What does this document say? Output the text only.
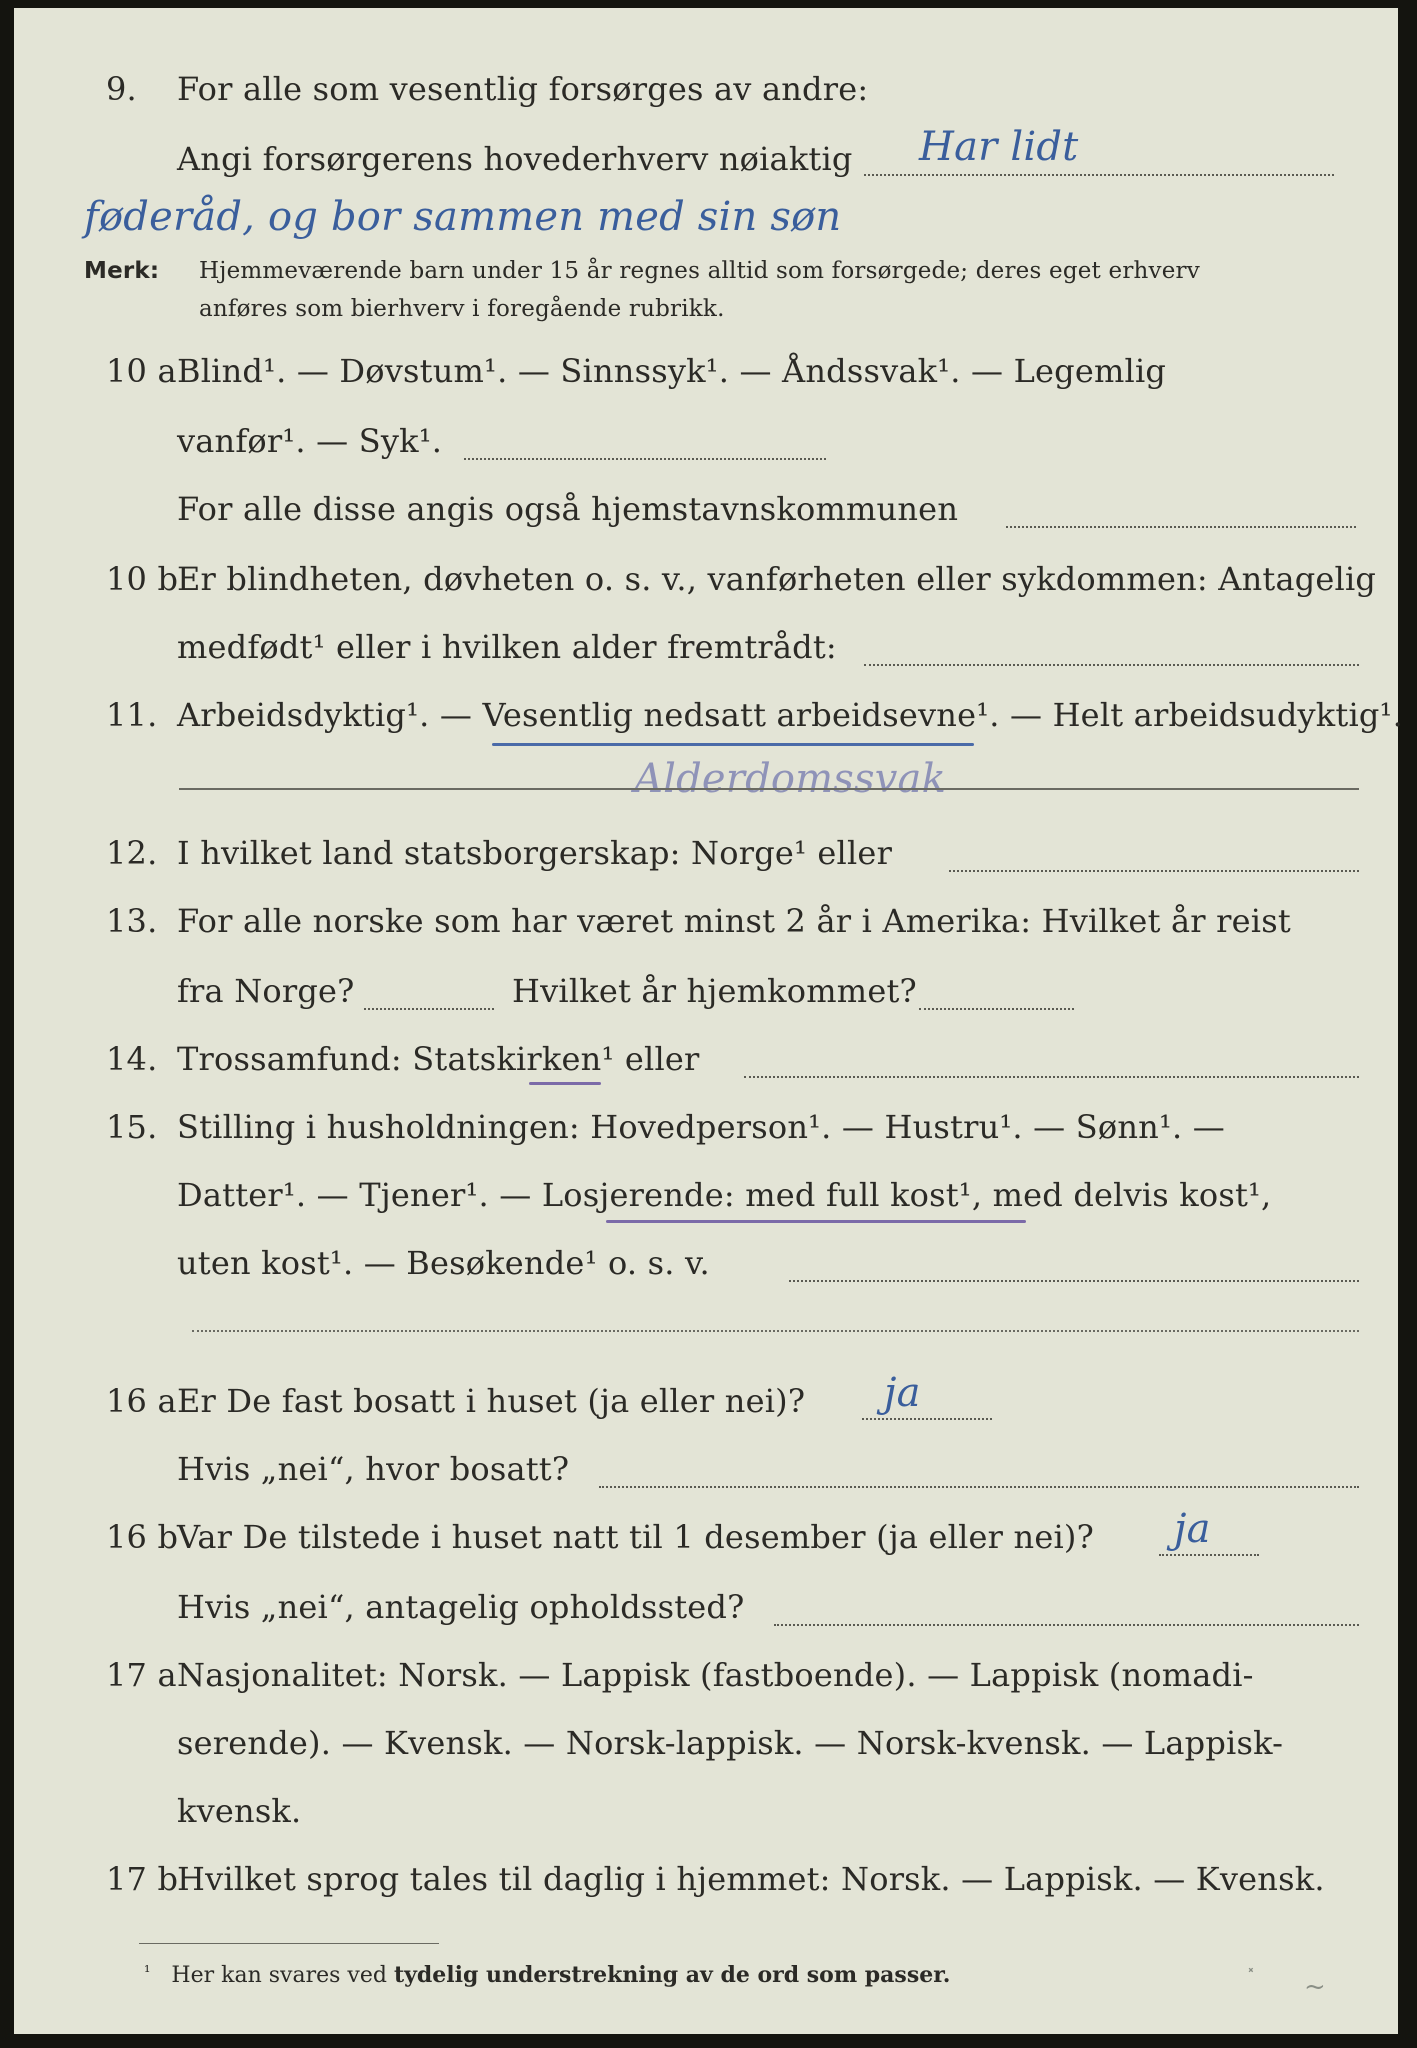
9. For alle som vesentlig forsørges av andre:
Angi forsørgerens hovederhverv nøiaktig Har lidt
føderåd, og bor sammen med sin søn
Merk: Hjemmeværende barn under 15 år regnes alltid som forsørgede; deres eget erhverv
anføres som bierhverv i foregående rubrikk.
10 a Blind¹. — Døvstum¹. — Sinnssyk¹. — Åndssvak¹. — Legemlig
vanfør¹. — Syk¹.
For alle disse angis også hjemstavnskommunen
10 b
Er blindheten, døvheten o. s. v., vanførheten eller sykdommen: Antagelig
medfødt¹ eller i hvilken alder fremtrådt:
11. Arbeidsdyktig¹. — Vesentlig nedsatt arbeidsevne¹. — Helt arbeidsudyktig¹.
Alderdomssvak
12. I hvilket land statsborgerskap: Norge¹ eller
13. For alle norske som har været minst 2 år i Amerika: Hvilket år reist
fra Norge?	Hvilket år hjemkommet?
14. Trossamfund: Statskirken¹ eller
15. Stilling i husholdningen: Hovedperson¹. — Hustru¹. — Sønn¹. —
Datter¹. — Tjener¹. — Losjerende: med full kost¹, med delvis kost¹,
uten kost¹. — Besøkende¹ o. s. v.
16 a Er De fast bosatt i huset (ja eller nei)? ja
Hvis „nei“, hvor bosatt?
16 b
Var De tilstede i huset natt til 1 desember (ja eller nei)? ja
Hvis „nei“, antagelig opholdssted?
17 a Nasjonalitet: Norsk. — Lappisk (fastboende). — Lappisk (nomadi-
serende). — Kvensk. — Norsk-lappisk. — Norsk-kvensk. — Lappisk-
kvensk.
17 b
Hvilket sprog tales til daglig i hjemmet: Norsk. — Lappisk. — Kvensk.
$^{^1}$ Her kan svares ved tydelig understrekning av de ord som passer.
⸼
~
